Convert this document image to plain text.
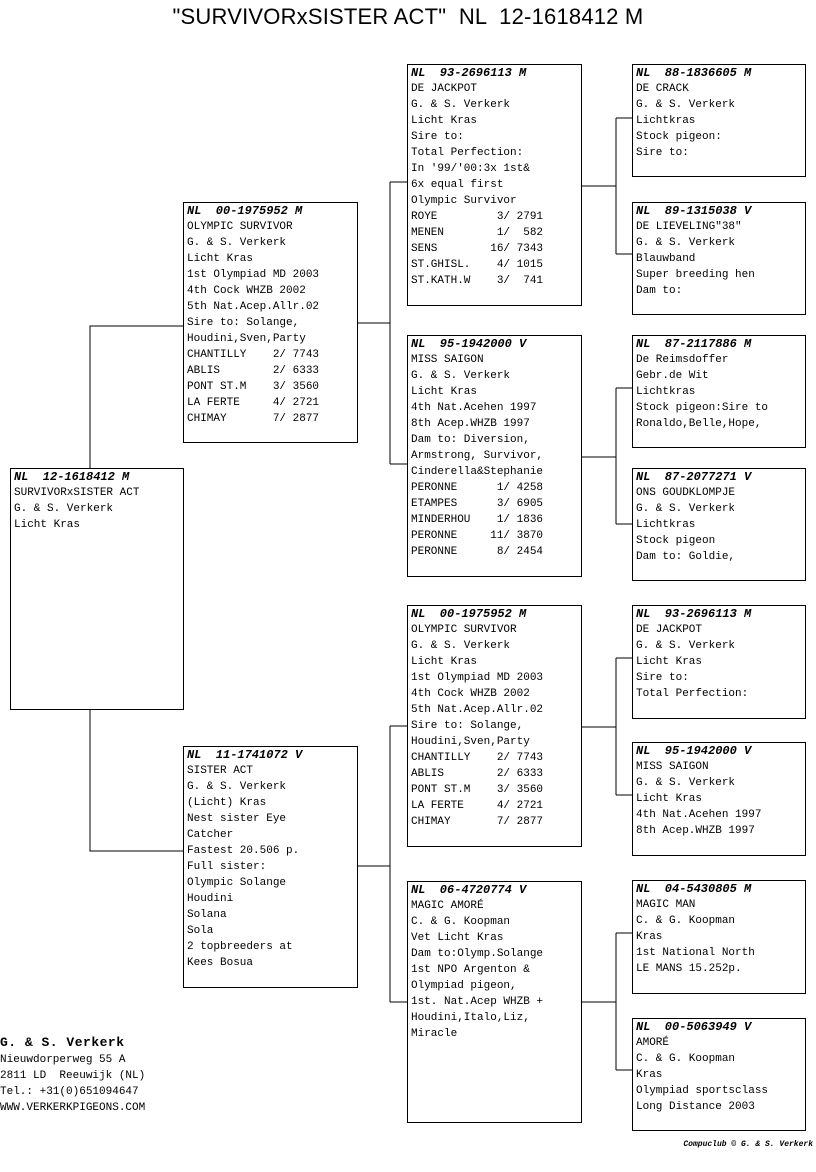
"SURVIVORxSISTER ACT"  NL  12-1618412 M
NL  12-1618412 M
SURVIVORxSISTER ACT
G. & S. Verkerk
Licht Kras
NL  00-1975952 M
OLYMPIC SURVIVOR
G. & S. Verkerk
Licht Kras
1st Olympiad MD 2003
4th Cock WHZB 2002
5th Nat.Acep.Allr.02
Sire to: Solange,
Houdini,Sven,Party
CHANTILLY    2/ 7743
ABLIS        2/ 6333
PONT ST.M    3/ 3560
LA FERTE     4/ 2721
CHIMAY       7/ 2877
NL  11-1741072 V
SISTER ACT
G. & S. Verkerk
(Licht) Kras
Nest sister Eye
Catcher
Fastest 20.506 p.
Full sister:
Olympic Solange
Houdini
Solana
Sola
2 topbreeders at
Kees Bosua
NL  93-2696113 M
DE JACKPOT
G. & S. Verkerk
Licht Kras
Sire to:
Total Perfection:
In '99/'00:3x 1st&
6x equal first
Olympic Survivor
ROYE         3/ 2791
MENEN        1/  582
SENS        16/ 7343
ST.GHISL.    4/ 1015
ST.KATH.W    3/  741
NL  95-1942000 V
MISS SAIGON
G. & S. Verkerk
Licht Kras
4th Nat.Acehen 1997
8th Acep.WHZB 1997
Dam to: Diversion,
Armstrong, Survivor,
Cinderella&Stephanie
PERONNE      1/ 4258
ETAMPES      3/ 6905
MINDERHOU    1/ 1836
PERONNE     11/ 3870
PERONNE      8/ 2454
NL  00-1975952 M
OLYMPIC SURVIVOR
G. & S. Verkerk
Licht Kras
1st Olympiad MD 2003
4th Cock WHZB 2002
5th Nat.Acep.Allr.02
Sire to: Solange,
Houdini,Sven,Party
CHANTILLY    2/ 7743
ABLIS        2/ 6333
PONT ST.M    3/ 3560
LA FERTE     4/ 2721
CHIMAY       7/ 2877
NL  06-4720774 V
MAGIC AMORÉ
C. & G. Koopman
Vet Licht Kras
Dam to:Olymp.Solange
1st NPO Argenton &
Olympiad pigeon,
1st. Nat.Acep WHZB +
Houdini,Italo,Liz,
Miracle
NL  88-1836605 M
DE CRACK
G. & S. Verkerk
Lichtkras
Stock pigeon:
Sire to:
NL  89-1315038 V
DE LIEVELING"38"
G. & S. Verkerk
Blauwband
Super breeding hen
Dam to:
NL  87-2117886 M
De Reimsdoffer
Gebr.de Wit
Lichtkras
Stock pigeon:Sire to
Ronaldo,Belle,Hope,
NL  87-2077271 V
ONS GOUDKLOMPJE
G. & S. Verkerk
Lichtkras
Stock pigeon
Dam to: Goldie,
NL  93-2696113 M
DE JACKPOT
G. & S. Verkerk
Licht Kras
Sire to:
Total Perfection:
NL  95-1942000 V
MISS SAIGON
G. & S. Verkerk
Licht Kras
4th Nat.Acehen 1997
8th Acep.WHZB 1997
NL  04-5430805 M
MAGIC MAN
C. & G. Koopman
Kras
1st National North
LE MANS 15.252p.
NL  00-5063949 V
AMORÉ
C. & G. Koopman
Kras
Olympiad sportsclass
Long Distance 2003
G. & S. Verkerk
Nieuwdorperweg 55 A
2811 LD  Reeuwijk (NL)
Tel.: +31(0)651094647
WWW.VERKERKPIGEONS.COM
Compuclub © G. & S. Verkerk
